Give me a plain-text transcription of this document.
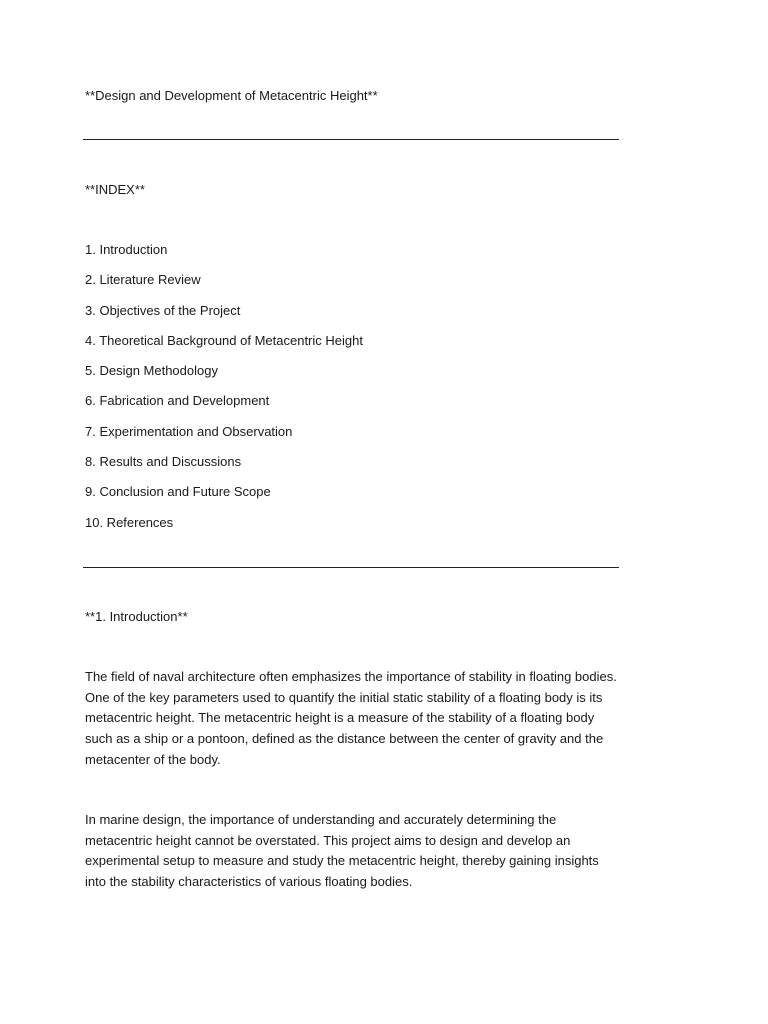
**Design and Development of Metacentric Height**
**INDEX**
1. Introduction
2. Literature Review
3. Objectives of the Project
4. Theoretical Background of Metacentric Height
5. Design Methodology
6. Fabrication and Development
7. Experimentation and Observation
8. Results and Discussions
9. Conclusion and Future Scope
10. References
**1. Introduction**

The field of naval architecture often emphasizes the importance of stability in floating bodies. One of the key parameters used to quantify the initial static stability of a floating body is its metacentric height. The metacentric height is a measure of the stability of a floating body such as a ship or a pontoon, defined as the distance between the center of gravity and the metacenter of the body.

In marine design, the importance of understanding and accurately determining the metacentric height cannot be overstated. This project aims to design and develop an experimental setup to measure and study the metacentric height, thereby gaining insights into the stability characteristics of various floating bodies.
